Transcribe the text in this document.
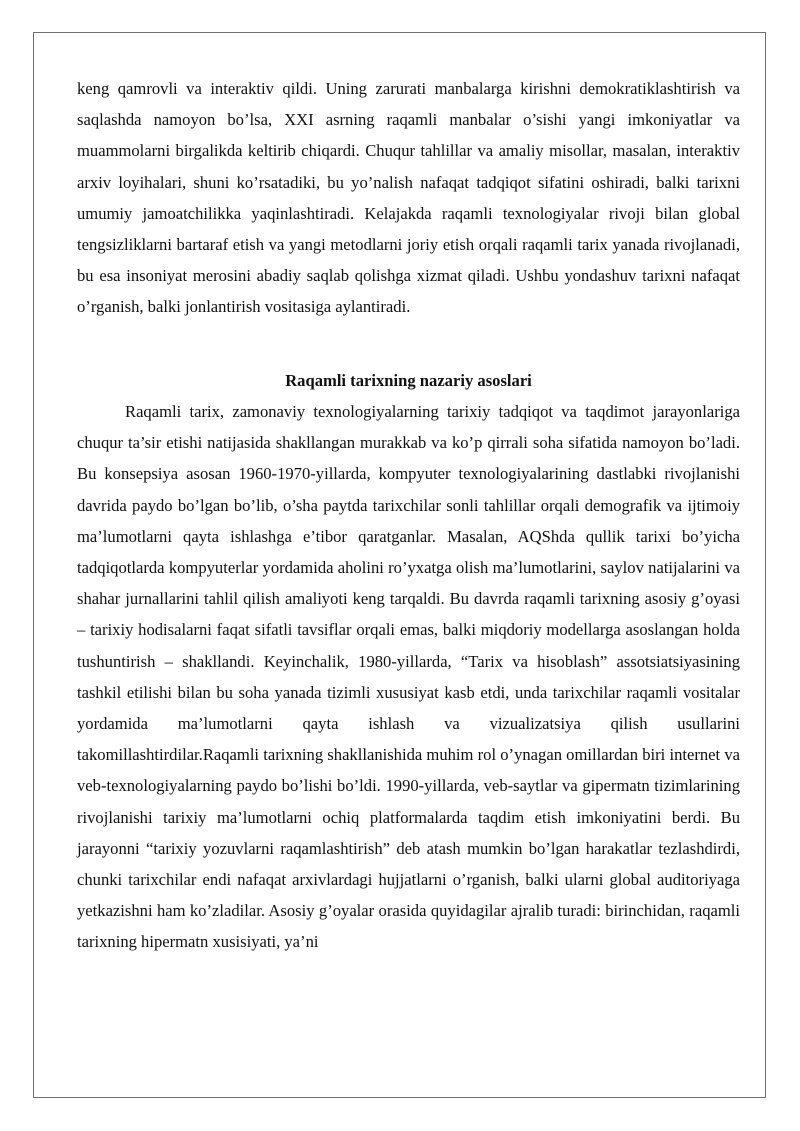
keng qamrovli va interaktiv qildi. Uning zarurati manbalarga kirishni demokratiklashtirish va saqlashda namoyon bo’lsa, XXI asrning raqamli manbalar o’sishi yangi imkoniyatlar va muammolarni birgalikda keltirib chiqardi. Chuqur tahlillar va amaliy misollar, masalan, interaktiv arxiv loyihalari, shuni ko’rsatadiki, bu yo’nalish nafaqat tadqiqot sifatini oshiradi, balki tarixni umumiy jamoatchilikka yaqinlashtiradi. Kelajakda raqamli texnologiyalar rivoji bilan global tengsizliklarni bartaraf etish va yangi metodlarni joriy etish orqali raqamli tarix yanada rivojlanadi, bu esa insoniyat merosini abadiy saqlab qolishga xizmat qiladi. Ushbu yondashuv tarixni nafaqat o’rganish, balki jonlantirish vositasiga aylantiradi.

Raqamli tarixning nazariy asoslari

Raqamli tarix, zamonaviy texnologiyalarning tarixiy tadqiqot va taqdimot jarayonlariga chuqur ta’sir etishi natijasida shakllangan murakkab va ko’p qirrali soha sifatida namoyon bo’ladi. Bu konsepsiya asosan 1960-1970-yillarda, kompyuter texnologiyalarining dastlabki rivojlanishi davrida paydo bo’lgan bo’lib, o’sha paytda tarixchilar sonli tahlillar orqali demografik va ijtimoiy ma’lumotlarni qayta ishlashga e’tibor qaratganlar. Masalan, AQShda qullik tarixi bo’yicha tadqiqotlarda kompyuterlar yordamida aholini ro’yxatga olish ma’lumotlarini, saylov natijalarini va shahar jurnallarini tahlil qilish amaliyoti keng tarqaldi. Bu davrda raqamli tarixning asosiy g’oyasi – tarixiy hodisalarni faqat sifatli tavsiflar orqali emas, balki miqdoriy modellarga asoslangan holda tushuntirish – shakllandi. Keyinchalik, 1980-yillarda, “Tarix va hisoblash” assotsiatsiyasining tashkil etilishi bilan bu soha yanada tizimli xususiyat kasb etdi, unda tarixchilar raqamli vositalar yordamida ma’lumotlarni qayta ishlash va vizualizatsiya qilish usullarini takomillashtirdilar.Raqamli tarixning shakllanishida muhim rol o’ynagan omillardan biri internet va veb-texnologiyalarning paydo bo’lishi bo’ldi. 1990-yillarda, veb-saytlar va gipermatn tizimlarining rivojlanishi tarixiy ma’lumotlarni ochiq platformalarda taqdim etish imkoniyatini berdi. Bu jarayonni “tarixiy yozuvlarni raqamlashtirish” deb atash mumkin bo’lgan harakatlar tezlashdirdi, chunki tarixchilar endi nafaqat arxivlardagi hujjatlarni o’rganish, balki ularni global auditoriyaga yetkazishni ham ko’zladilar. Asosiy g’oyalar orasida quyidagilar ajralib turadi: birinchidan, raqamli tarixning hipermatn xusisiyati, ya’ni
